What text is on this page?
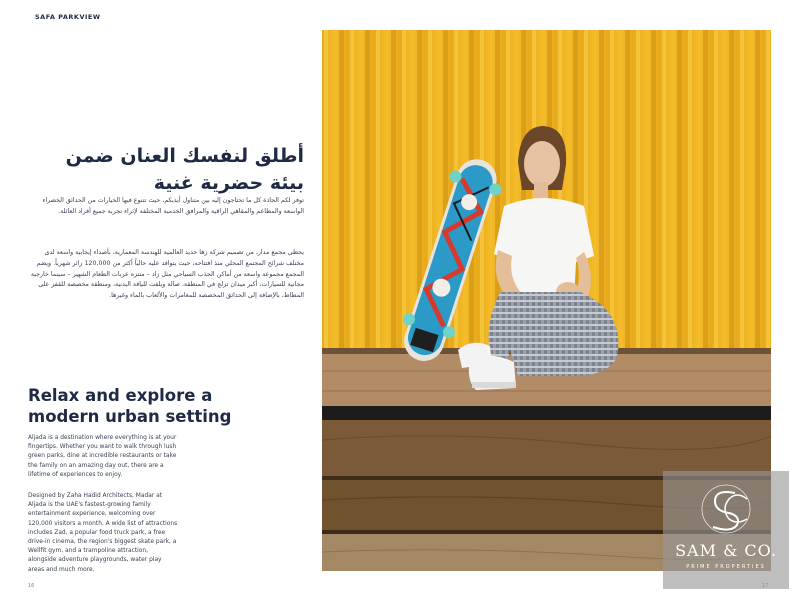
SAFA PARKVIEW
أطلق لنفسك العنان ضمن
بيئة حضرية غنية
توفر لكم الجادة كل ما تحتاجون إليه بين متناول أيديكم، حيث تتنوع فيها الخيارات من الحدائق الخضراء الواسعة والمطاعم والمقاهي الراقية والمرافق الخدمية المختلفة لإثراء تجربة جميع أفراد العائلة.
يحظى مجمع مدار، من تصميم شركة زها حديد العالمية للهندسة المعمارية، بأصداء إيجابية واسعة لدى مختلف شرائح المجتمع المحلي منذ افتتاحه، حيث يتوافد عليه حالياً أكثر من 120,000 زائر شهرياً. ويضم المجمع مجموعة واسعة من أماكن الجذب السياحي مثل زاد – منتزه عربات الطعام الشهير – سينما خارجية مجانية للسيارات، أكبر ميدان تزلج في المنطقة، صالة ويلفت للياقة البدنية، ومنطقة مخصصة للقفز على المطاط، بالإضافة إلى الحدائق المخصصة للمغامرات والألعاب بالماء وغيرها.
Relax and explore a
modern urban setting
Aljada is a destination where everything is at your fingertips. Whether you want to walk through lush green parks, dine at incredible restaurants or take the family on an amazing day out, there are a lifetime of experiences to enjoy.
Designed by Zaha Hadid Architects, Madar at Aljada is the UAE's fastest-growing family entertainment experience, welcoming over 120,000 visitors a month. A wide list of attractions includes Zad, a popular food truck park, a free drive-in cinema, the region's biggest skate park, a Wellfit gym, and a trampoline attraction, alongside adventure playgrounds, water play areas and much more.
16
SAM & CO.
PRIME PROPERTIES
